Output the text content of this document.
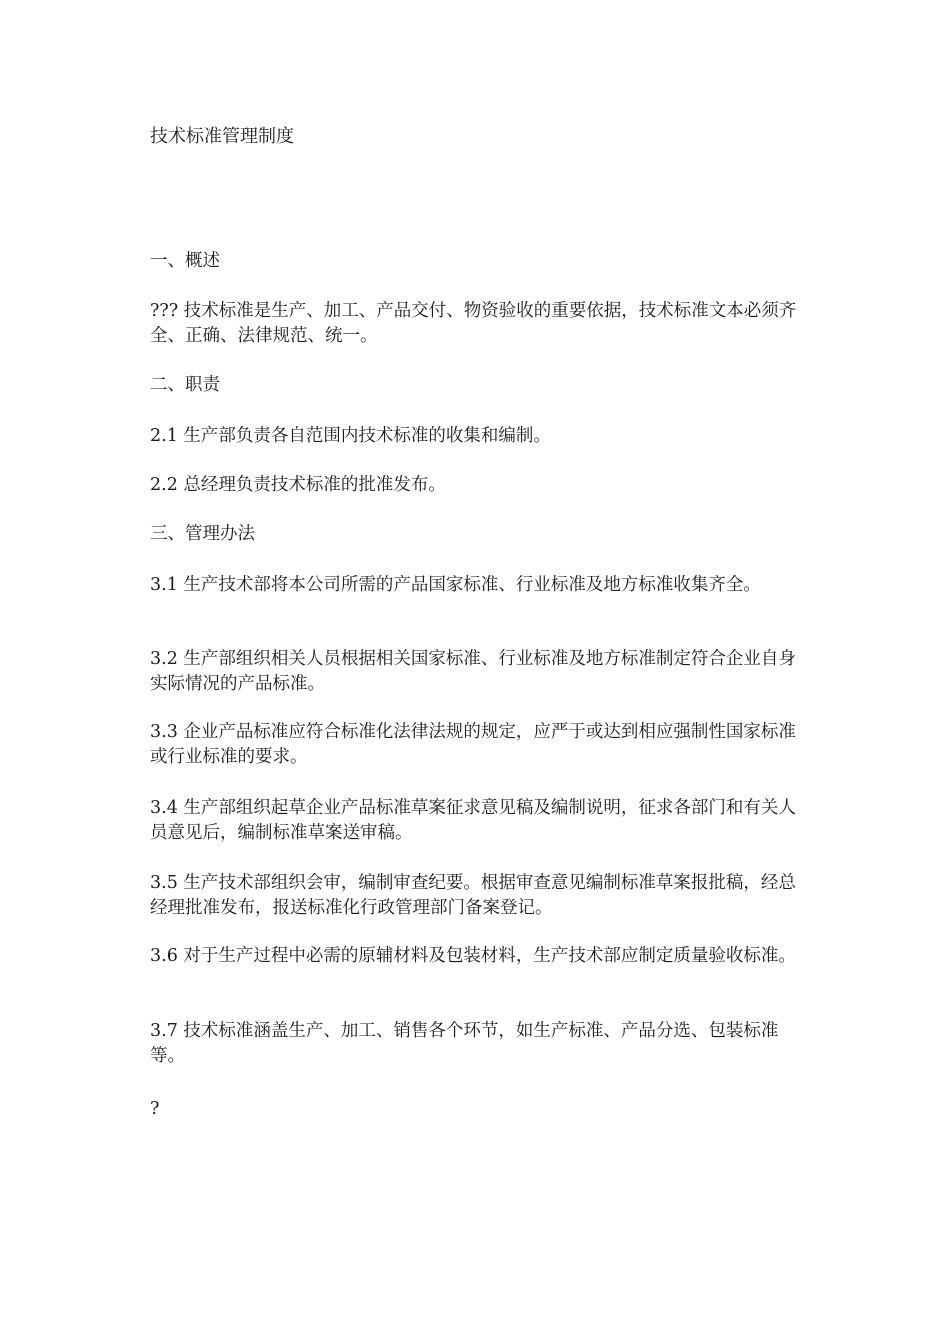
技术标准管理制度

一、概述

??? 技术标准是生产、加工、产品交付、物资验收的重要依据，技术标准文本必须齐全、正确、法律规范、统一。

二、职责

2.1 生产部负责各自范围内技术标准的收集和编制。

2.2 总经理负责技术标准的批准发布。

三、管理办法

3.1 生产技术部将本公司所需的产品国家标准、行业标准及地方标准收集齐全。

3.2 生产部组织相关人员根据相关国家标准、行业标准及地方标准制定符合企业自身实际情况的产品标准。

3.3 企业产品标准应符合标准化法律法规的规定，应严于或达到相应强制性国家标准或行业标准的要求。

3.4 生产部组织起草企业产品标准草案征求意见稿及编制说明，征求各部门和有关人员意见后，编制标准草案送审稿。

3.5 生产技术部组织会审，编制审查纪要。根据审查意见编制标准草案报批稿，经总经理批准发布，报送标准化行政管理部门备案登记。

3.6 对于生产过程中必需的原辅材料及包装材料，生产技术部应制定质量验收标准。

3.7 技术标准涵盖生产、加工、销售各个环节，如生产标准、产品分选、包装标准等。

?
